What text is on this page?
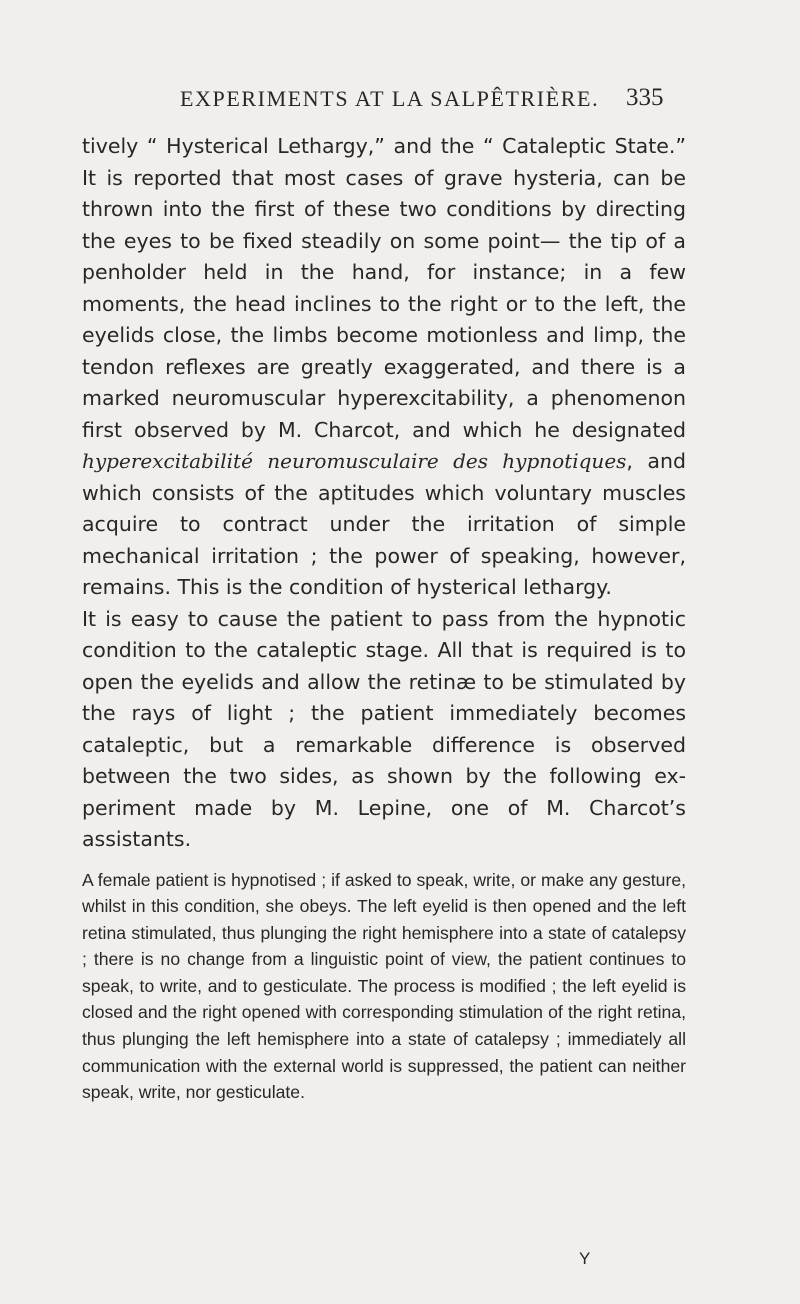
EXPERIMENTS AT LA SALPÊTRIÈRE.	335

tively “ Hysterical Lethargy,” and the “ Cataleptic State.” It is reported that most cases of grave hysteria, can be thrown into the first of these two conditions by directing the eyes to be fixed steadily on some point— the tip of a penholder held in the hand, for instance; in a few moments, the head inclines to the right or to the left, the eyelids close, the limbs become motionless and limp, the tendon reflexes are greatly exaggerated, and there is a marked neuromuscular hyperexcitability, a phenomenon first observed by M. Charcot, and which he designated hyperexcitabilité neuromusculaire des hypnotiques, and which consists of the aptitudes which voluntary muscles acquire to contract under the irritation of simple mechanical irritation ; the power of speaking, however, remains. This is the condition of hysterical lethargy.

It is easy to cause the patient to pass from the hypnotic condition to the cataleptic stage. All that is required is to open the eyelids and allow the retinæ to be stimulated by the rays of light ; the patient immediately becomes cataleptic, but a remarkable difference is observed between the two sides, as shown by the following ex- periment made by M. Lepine, one of M. Charcot’s assistants.

A female patient is hypnotised ; if asked to speak, write, or make any gesture, whilst in this condition, she obeys. The left eyelid is then opened and the left retina stimulated, thus plunging the right hemisphere into a state of catalepsy ; there is no change from a linguistic point of view, the patient continues to speak, to write, and to gesticulate. The process is modified ; the left eyelid is closed and the right opened with corresponding stimulation of the right retina, thus plunging the left hemisphere into a state of catalepsy ; immediately all communication with the external world is suppressed, the patient can neither speak, write, nor gesticulate.

Y
